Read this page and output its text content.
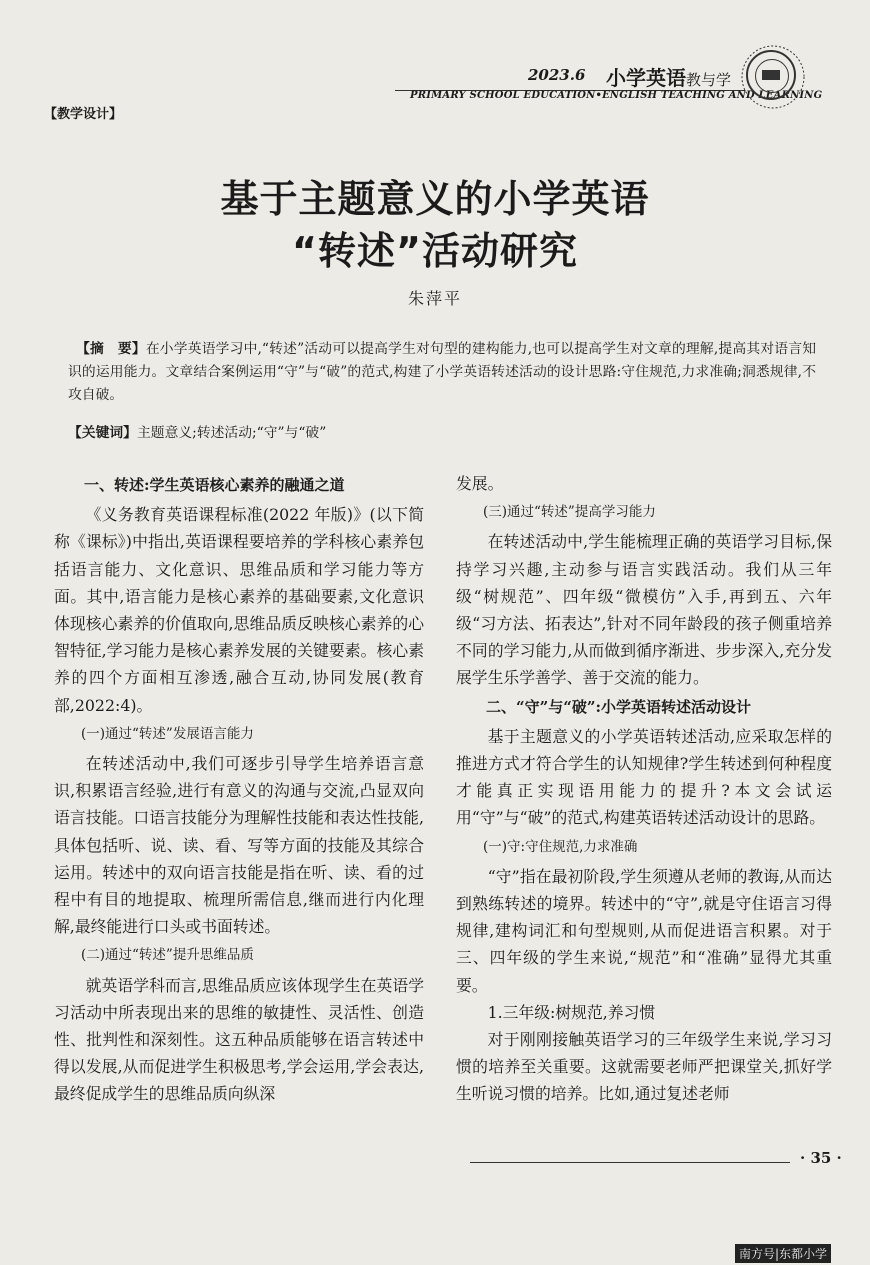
2023.6 小学英语教与学
PRIMARY SCHOOL EDUCATION•ENGLISH TEACHING AND LEARNING
【教学设计】
基于主题意义的小学英语
“转述”活动研究
朱萍平
【摘　要】在小学英语学习中,“转述”活动可以提高学生对句型的建构能力,也可以提高学生对文章的理解,提高其对语言知识的运用能力。文章结合案例运用“守”与“破”的范式,构建了小学英语转述活动的设计思路:守住规范,力求准确;洞悉规律,不攻自破。
【关键词】主题意义;转述活动;“守”与“破”
一、转述:学生英语核心素养的融通之道

《义务教育英语课程标准(2022 年版)》(以下简称《课标》)中指出,英语课程要培养的学科核心素养包括语言能力、文化意识、思维品质和学习能力等方面。其中,语言能力是核心素养的基础要素,文化意识体现核心素养的价值取向,思维品质反映核心素养的心智特征,学习能力是核心素养发展的关键要素。核心素养的四个方面相互渗透,融合互动,协同发展(教育部,2022:4)。

(一)通过“转述”发展语言能力

在转述活动中,我们可逐步引导学生培养语言意识,积累语言经验,进行有意义的沟通与交流,凸显双向语言技能。口语言技能分为理解性技能和表达性技能,具体包括听、说、读、看、写等方面的技能及其综合运用。转述中的双向语言技能是指在听、读、看的过程中有目的地提取、梳理所需信息,继而进行内化理解,最终能进行口头或书面转述。

(二)通过“转述”提升思维品质

就英语学科而言,思维品质应该体现学生在英语学习活动中所表现出来的思维的敏捷性、灵活性、创造性、批判性和深刻性。这五种品质能够在语言转述中得以发展,从而促进学生积极思考,学会运用,学会表达,最终促成学生的思维品质向纵深

发展。

(三)通过“转述”提高学习能力

在转述活动中,学生能梳理正确的英语学习目标,保持学习兴趣,主动参与语言实践活动。我们从三年级“树规范”、四年级“微模仿”入手,再到五、六年级“习方法、拓表达”,针对不同年龄段的孩子侧重培养不同的学习能力,从而做到循序渐进、步步深入,充分发展学生乐学善学、善于交流的能力。

二、“守”与“破”:小学英语转述活动设计

基于主题意义的小学英语转述活动,应采取怎样的推进方式才符合学生的认知规律?学生转述到何种程度才能真正实现语用能力的提升?本文会试运用“守”与“破”的范式,构建英语转述活动设计的思路。

(一)守:守住规范,力求准确

“守”指在最初阶段,学生须遵从老师的教诲,从而达到熟练转述的境界。转述中的“守”,就是守住语言习得规律,建构词汇和句型规则,从而促进语言积累。对于三、四年级的学生来说,“规范”和“准确”显得尤其重要。

1.三年级:树规范,养习惯

对于刚刚接触英语学习的三年级学生来说,学习习惯的培养至关重要。这就需要老师严把课堂关,抓好学生听说习惯的培养。比如,通过复述老师

· 35 ·
南方号|东都小学
